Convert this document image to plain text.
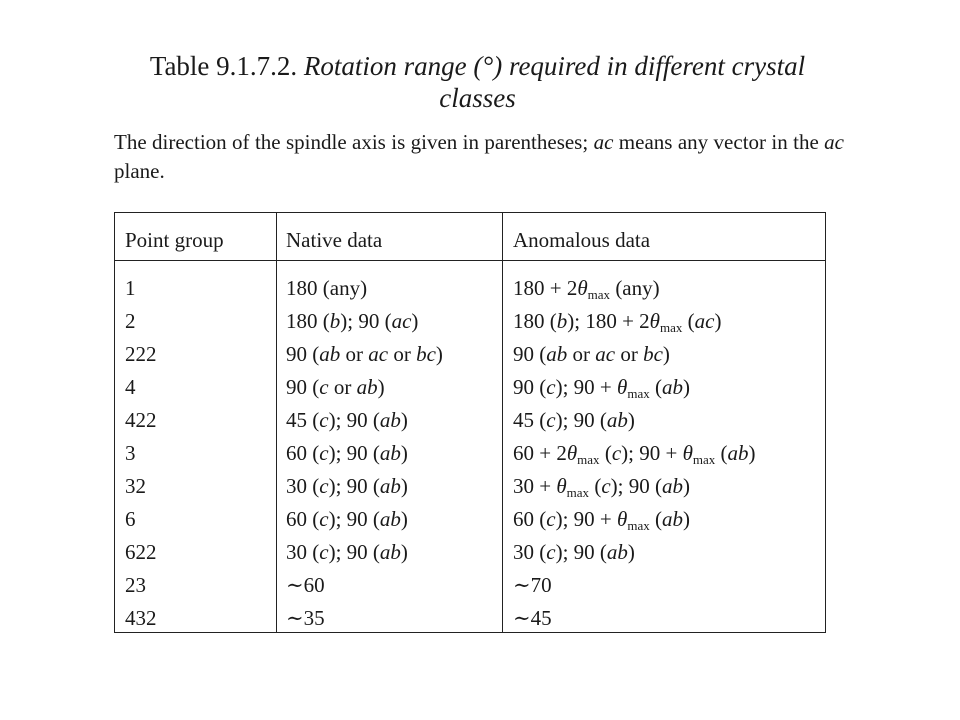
Table 9.1.7.2. Rotation range (°) required in different crystal classes
The direction of the spindle axis is given in parentheses; ac means any vector in the ac plane.
Point group	Native data	Anomalous data
1
2
222
4
422
3
32
6
622
23
432
180 (any)
180 (b); 90 (ac)
90 (ab or ac or bc)
90 (c or ab)
45 (c); 90 (ab)
60 (c); 90 (ab)
30 (c); 90 (ab)
60 (c); 90 (ab)
30 (c); 90 (ab)
∼60
∼35
$180 + 2\theta_{max}$ (any)
180 (b); $180 + 2\theta_{max}$ (ac)
90 (ab or ac or bc)
90 (c); $90 + \theta_{max}$ (ab)
45 (c); 90 (ab)
$60 + 2\theta_{max}$ (c); $90 + \theta_{max}$ (ab)
$30 + \theta_{max}$ (c); 90 (ab)
60 (c); $90 + \theta_{max}$ (ab)
30 (c); 90 (ab)
∼70
∼45
